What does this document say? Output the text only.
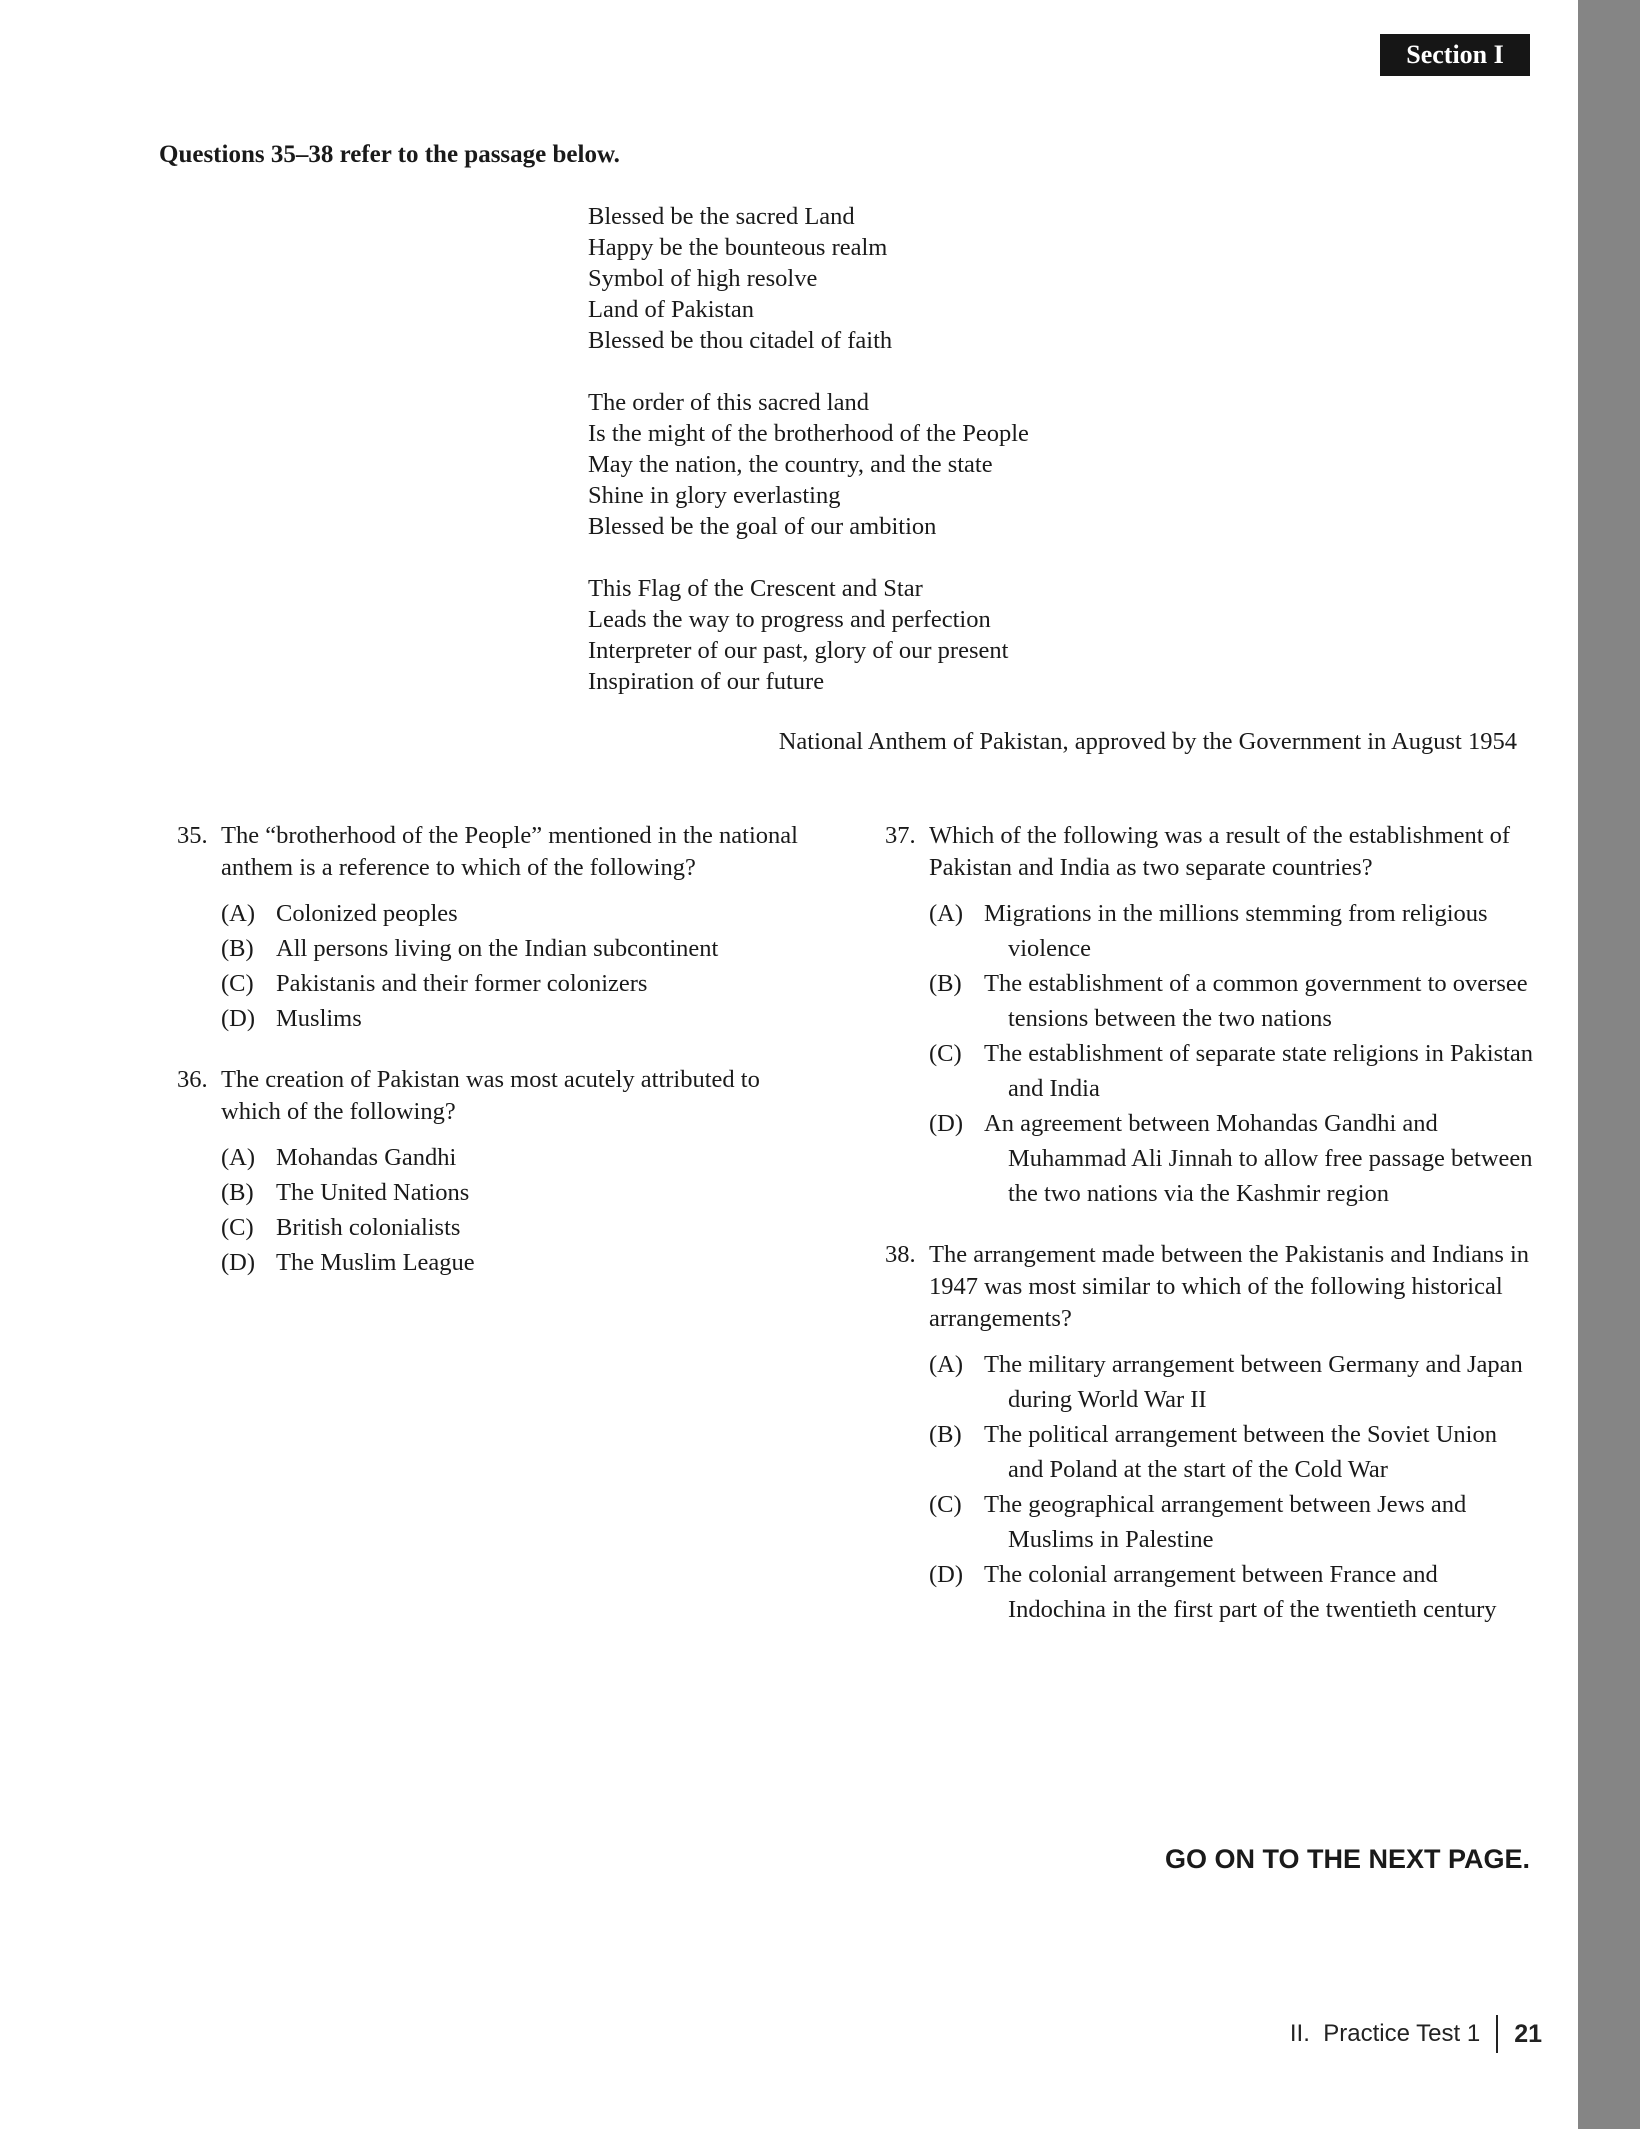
Section I
Questions 35–38 refer to the passage below.
Blessed be the sacred Land
Happy be the bounteous realm
Symbol of high resolve
Land of Pakistan
Blessed be thou citadel of faith
The order of this sacred land
Is the might of the brotherhood of the People
May the nation, the country, and the state
Shine in glory everlasting
Blessed be the goal of our ambition
This Flag of the Crescent and Star
Leads the way to progress and perfection
Interpreter of our past, glory of our present
Inspiration of our future
National Anthem of Pakistan, approved by the Government in August 1954
35. The “brotherhood of the People” mentioned in the national anthem is a reference to which of the following?
(A) Colonized peoples
(B) All persons living on the Indian subcontinent
(C) Pakistanis and their former colonizers
(D) Muslims
36. The creation of Pakistan was most acutely attributed to which of the following?
(A) Mohandas Gandhi
(B) The United Nations
(C) British colonialists
(D) The Muslim League
37. Which of the following was a result of the establishment of Pakistan and India as two separate countries?
(A) Migrations in the millions stemming from religious violence
(B) The establishment of a common government to oversee tensions between the two nations
(C) The establishment of separate state religions in Pakistan and India
(D) An agreement between Mohandas Gandhi and Muhammad Ali Jinnah to allow free passage between the two nations via the Kashmir region
38. The arrangement made between the Pakistanis and Indians in 1947 was most similar to which of the following historical arrangements?
(A) The military arrangement between Germany and Japan during World War II
(B) The political arrangement between the Soviet Union and Poland at the start of the Cold War
(C) The geographical arrangement between Jews and Muslims in Palestine
(D) The colonial arrangement between France and Indochina in the first part of the twentieth century
GO ON TO THE NEXT PAGE.
II.  Practice Test 1 21
